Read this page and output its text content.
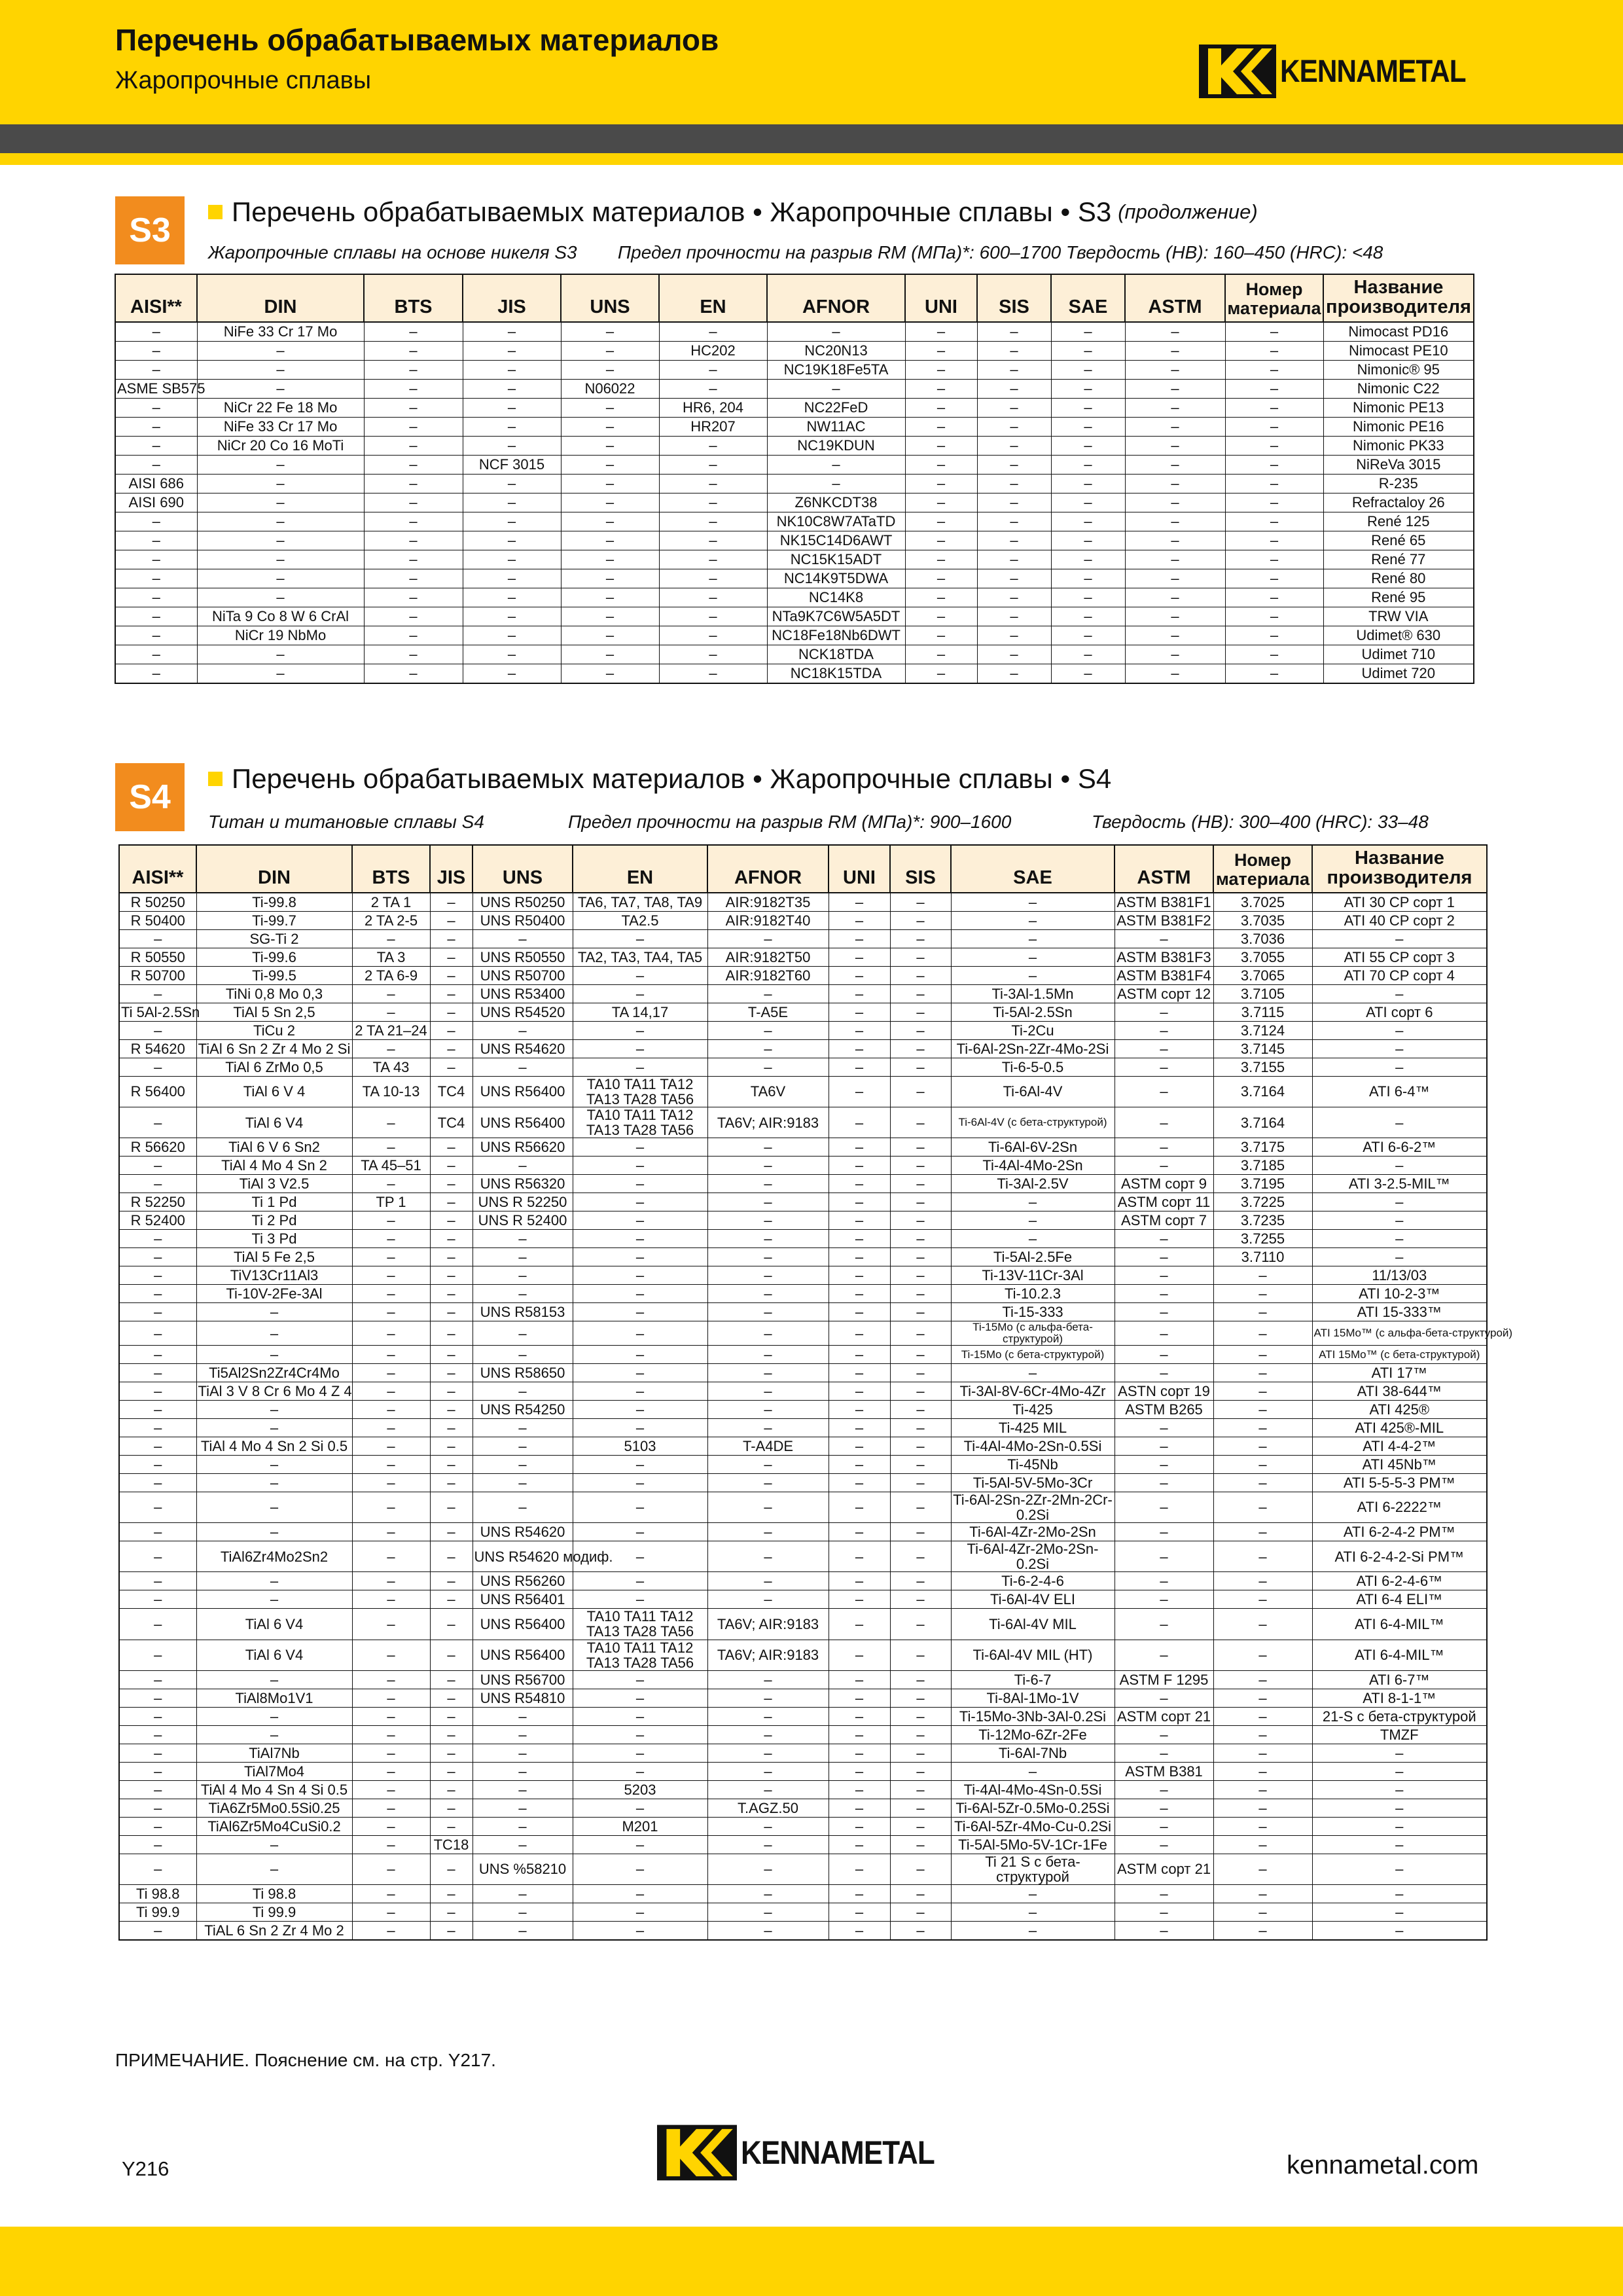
Перечень обрабатываемых материалов
Жаропрочные сплавы	KENNAMETAL
S3	Перечень обрабатываемых материалов • Жаропрочные сплавы • S3 (продолжение)
Жаропрочные сплавы на основе никеля S3        Предел прочности на разрыв RM (МПа)*: 600–1700 Твердость (HB): 160–450 (HRC): <48
AISI**	DIN	BTS	JIS	UNS	EN	AFNOR	UNI	SIS	SAE	ASTM	Номер материала	Название производителя
–	NiFe 33 Cr 17 Mo	–	–	–	–	–	–	–	–	–	–	Nimocast PD16
–	–	–	–	–	HC202	NC20N13	–	–	–	–	–	Nimocast PE10
–	–	–	–	–	–	NC19K18Fe5TA	–	–	–	–	–	Nimonic® 95
ASME SB575	–	–	–	N06022	–	–	–	–	–	–	–	Nimonic C22
–	NiCr 22 Fe 18 Mo	–	–	–	HR6, 204	NC22FeD	–	–	–	–	–	Nimonic PE13
–	NiFe 33 Cr 17 Mo	–	–	–	HR207	NW11AC	–	–	–	–	–	Nimonic PE16
–	NiCr 20 Co 16 MoTi	–	–	–	–	NC19KDUN	–	–	–	–	–	Nimonic PK33
–	–	–	NCF 3015	–	–	–	–	–	–	–	–	NiReVa 3015
AISI 686	–	–	–	–	–	–	–	–	–	–	–	R-235
AISI 690	–	–	–	–	–	Z6NKCDT38	–	–	–	–	–	Refractaloy 26
–	–	–	–	–	–	NK10C8W7ATaTD	–	–	–	–	–	René 125
–	–	–	–	–	–	NK15C14D6AWT	–	–	–	–	–	René 65
–	–	–	–	–	–	NC15K15ADT	–	–	–	–	–	René 77
–	–	–	–	–	–	NC14K9T5DWA	–	–	–	–	–	René 80
–	–	–	–	–	–	NC14K8	–	–	–	–	–	René 95
–	NiTa 9 Co 8 W 6 CrAl	–	–	–	–	NTa9K7C6W5A5DT	–	–	–	–	–	TRW VIA
–	NiCr 19 NbMo	–	–	–	–	NC18Fe18Nb6DWT	–	–	–	–	–	Udimet® 630
–	–	–	–	–	–	NCK18TDA	–	–	–	–	–	Udimet 710
–	–	–	–	–	–	NC18K15TDA	–	–	–	–	–	Udimet 720
S4	Перечень обрабатываемых материалов • Жаропрочные сплавы • S4
Титан и титановые сплавы S4	Предел прочности на разрыв RM (МПа)*: 900–1600	Твердость (HB): 300–400 (HRC): 33–48
AISI**	DIN	BTS	JIS	UNS	EN	AFNOR	UNI	SIS	SAE	ASTM	Номер материала	Название производителя
R 50250	Ti-99.8	2 TA 1	–	UNS R50250	TA6, TA7, TA8, TA9	AIR:9182T35	–	–	–	ASTM B381F1	3.7025	ATI 30 CP сорт 1
R 50400	Ti-99.7	2 TA 2-5	–	UNS R50400	TA2.5	AIR:9182T40	–	–	–	ASTM B381F2	3.7035	ATI 40 CP сорт 2
–	SG-Ti 2	–	–	–	–	–	–	–	–	–	3.7036	–
R 50550	Ti-99.6	TA 3	–	UNS R50550	TA2, TA3, TA4, TA5	AIR:9182T50	–	–	–	ASTM B381F3	3.7055	ATI 55 CP сорт 3
R 50700	Ti-99.5	2 TA 6-9	–	UNS R50700	–	AIR:9182T60	–	–	–	ASTM B381F4	3.7065	ATI 70 CP сорт 4
–	TiNi 0,8 Mo 0,3	–	–	UNS R53400	–	–	–	–	Ti-3Al-1.5Mn	ASTM сорт 12	3.7105	–
Ti 5Al-2.5Sn	TiAl 5 Sn 2,5	–	–	UNS R54520	TA 14,17	T-A5E	–	–	Ti-5Al-2.5Sn	–	3.7115	ATI сорт 6
–	TiCu 2	2 TA 21–24	–	–	–	–	–	–	Ti-2Cu	–	3.7124	–
R 54620	TiAl 6 Sn 2 Zr 4 Mo 2 Si	–	–	UNS R54620	–	–	–	–	Ti-6Al-2Sn-2Zr-4Mo-2Si	–	3.7145	–
–	TiAl 6 ZrMo 0,5	TA 43	–	–	–	–	–	–	Ti-6-5-0.5	–	3.7155	–
R 56400	TiAl 6 V 4	TA 10-13	TC4	UNS R56400	TA10 TA11 TA12 TA13 TA28 TA56	TA6V	–	–	Ti-6Al-4V	–	3.7164	ATI 6-4™
–	TiAl 6 V4	–	TC4	UNS R56400	TA10 TA11 TA12 TA13 TA28 TA56	TA6V; AIR:9183	–	–	Ti-6Al-4V (с бета-структурой)	–	3.7164	–
R 56620	TiAl 6 V 6 Sn2	–	–	UNS R56620	–	–	–	–	Ti-6Al-6V-2Sn	–	3.7175	ATI 6-6-2™
–	TiAl 4 Mo 4 Sn 2	TA 45–51	–	–	–	–	–	–	Ti-4Al-4Mo-2Sn	–	3.7185	–
–	TiAl 3 V2.5	–	–	UNS R56320	–	–	–	–	Ti-3Al-2.5V	ASTM сорт 9	3.7195	ATI 3-2.5-MIL™
R 52250	Ti 1 Pd	TP 1	–	UNS R 52250	–	–	–	–	–	ASTM сорт 11	3.7225	–
R 52400	Ti 2 Pd	–	–	UNS R 52400	–	–	–	–	–	ASTM сорт 7	3.7235	–
–	Ti 3 Pd	–	–	–	–	–	–	–	–	–	3.7255	–
–	TiAl 5 Fe 2,5	–	–	–	–	–	–	–	Ti-5Al-2.5Fe	–	3.7110	–
–	TiV13Cr11Al3	–	–	–	–	–	–	–	Ti-13V-11Cr-3Al	–	–	11/13/03
–	Ti-10V-2Fe-3Al	–	–	–	–	–	–	–	Ti-10.2.3	–	–	ATI 10-2-3™
–	–	–	–	UNS R58153	–	–	–	–	Ti-15-333	–	–	ATI 15-333™
–	–	–	–	–	–	–	–	–	Ti-15Mo (с альфа-бета-структурой)	–	–	ATI 15Mo™ (с альфа-бета-структурой)
–	–	–	–	–	–	–	–	–	Ti-15Mo (с бета-структурой)	–	–	ATI 15Mo™ (с бета-структурой)
–	Ti5Al2Sn2Zr4Cr4Mo	–	–	UNS R58650	–	–	–	–	–	–	–	ATI 17™
–	TiAl 3 V 8 Cr 6 Mo 4 Z 4	–	–	–	–	–	–	–	Ti-3Al-8V-6Cr-4Mo-4Zr	ASTN сорт 19	–	ATI 38-644™
–	–	–	–	UNS R54250	–	–	–	–	Ti-425	ASTM B265	–	ATI 425®
–	–	–	–	–	–	–	–	–	Ti-425 MIL	–	–	ATI 425®-MIL
–	TiAl 4 Mo 4 Sn 2 Si 0.5	–	–	–	5103	T-A4DE	–	–	Ti-4Al-4Mo-2Sn-0.5Si	–	–	ATI 4-4-2™
–	–	–	–	–	–	–	–	–	Ti-45Nb	–	–	ATI 45Nb™
–	–	–	–	–	–	–	–	–	Ti-5Al-5V-5Mo-3Cr	–	–	ATI 5-5-5-3 PM™
–	–	–	–	–	–	–	–	–	Ti-6Al-2Sn-2Zr-2Mn-2Cr-0.2Si	–	–	ATI 6-2222™
–	–	–	–	UNS R54620	–	–	–	–	Ti-6Al-4Zr-2Mo-2Sn	–	–	ATI 6-2-4-2 PM™
–	TiAl6Zr4Mo2Sn2	–	–	UNS R54620 модиф.	–	–	–	–	Ti-6Al-4Zr-2Mo-2Sn-0.2Si	–	–	ATI 6-2-4-2-Si PM™
–	–	–	–	UNS R56260	–	–	–	–	Ti-6-2-4-6	–	–	ATI 6-2-4-6™
–	–	–	–	UNS R56401	–	–	–	–	Ti-6Al-4V ELI	–	–	ATI 6-4 ELI™
–	TiAl 6 V4	–	–	UNS R56400	TA10 TA11 TA12 TA13 TA28 TA56	TA6V; AIR:9183	–	–	Ti-6Al-4V MIL	–	–	ATI 6-4-MIL™
–	TiAl 6 V4	–	–	UNS R56400	TA10 TA11 TA12 TA13 TA28 TA56	TA6V; AIR:9183	–	–	Ti-6Al-4V MIL (HT)	–	–	ATI 6-4-MIL™
–	–	–	–	UNS R56700	–	–	–	–	Ti-6-7	ASTM F 1295	–	ATI 6-7™
–	TiAl8Mo1V1	–	–	UNS R54810	–	–	–	–	Ti-8Al-1Mo-1V	–	–	ATI 8-1-1™
–	–	–	–	–	–	–	–	–	Ti-15Mo-3Nb-3Al-0.2Si	ASTM сорт 21	–	21-S с бета-структурой
–	–	–	–	–	–	–	–	–	Ti-12Mo-6Zr-2Fe	–	–	TMZF
–	TiAl7Nb	–	–	–	–	–	–	–	Ti-6Al-7Nb	–	–	–
–	TiAl7Mo4	–	–	–	–	–	–	–	–	ASTM B381	–	–
–	TiAl 4 Mo 4 Sn 4 Si 0.5	–	–	–	5203	–	–	–	Ti-4Al-4Mo-4Sn-0.5Si	–	–	–
–	TiA6Zr5Mo0.5Si0.25	–	–	–	–	T.AGZ.50	–	–	Ti-6Al-5Zr-0.5Mo-0.25Si	–	–	–
–	TiAl6Zr5Mo4CuSi0.2	–	–	–	M201	–	–	–	Ti-6Al-5Zr-4Mo-Cu-0.2Si	–	–	–
–	–	–	TC18	–	–	–	–	–	Ti-5Al-5Mo-5V-1Cr-1Fe	–	–	–
–	–	–	–	UNS %58210	–	–	–	–	Ti 21 S с бета-структурой	ASTM сорт 21	–	–
Ti 98.8	Ti 98.8	–	–	–	–	–	–	–	–	–	–	–
Ti 99.9	Ti 99.9	–	–	–	–	–	–	–	–	–	–	–
–	TiAL 6 Sn 2 Zr 4 Mo 2	–	–	–	–	–	–	–	–	–	–	–
ПРИМЕЧАНИЕ. Пояснение см. на стр. Y217.
Y216	KENNAMETAL	kennametal.com
